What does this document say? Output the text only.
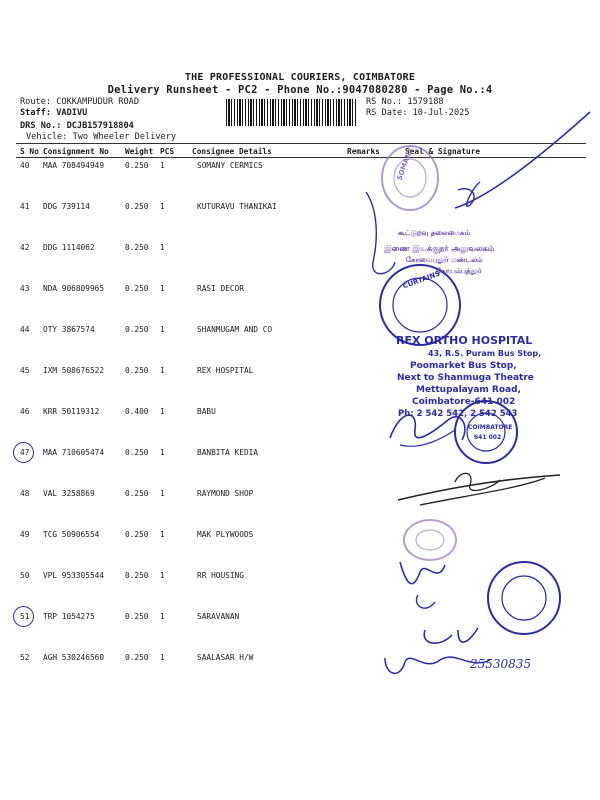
THE PROFESSIONAL COURIERS, COIMBATORE
Delivery Runsheet - PC2 - Phone No.:9047080280 - Page No.:4
Route: COKKAMPUDUR ROAD
Staff: VADIVU
DRS No.: DCJB157918804
Vehicle: Two Wheeler Delivery
RS No.: 1579188
RS Date: 10-Jul-2025
S No Consignment No Weight PCS Consignee Details	Remarks	Seal & Signature
40 MAA 708494949	0.250 1	SOMANY CERMICS
41 DDG 739114	0.250 1	KUTURAVU THANIKAI
42 DDG 1114062	0.250 1
43 NDA 906809965	0.250 1	RASI DECOR
44 OTY 3867574	0.250 1	SHANMUGAM AND CO
45 IXM 508676522	0.250 1	REX HOSPITAL
46 KRR 50119312	0.400 1	BABU
47 MAA 710605474	0.250 1	BANBITA KEDIA
48 VAL 3258869	0.250 1	RAYMOND SHOP
49 TCG 50906554	0.250 1	MAK PLYWOODS
50 VPL 953305544	0.250 1	RR HOUSING
51 TRP 1054275	0.250 1	SARAVANAN
52 AGH 530246560	0.250 1	SAALASAR H/W
SOMANY
கூட்டுறவு தலைமைகம்
இணை இயக்குநர் அலுவலகம்
கோவைபுதூர் மண்டலம்
கோயம்புத்தூர்
CURTAINS
REX ORTHO HOSPITAL
43, R.S. Puram Bus Stop,
Poomarket Bus Stop,
Next to Shanmuga Theatre
Mettupalayam Road,
Coimbatore-641 002
Ph: 2 542 542, 2 542 543
COIMBATORE
641 002
25530835
